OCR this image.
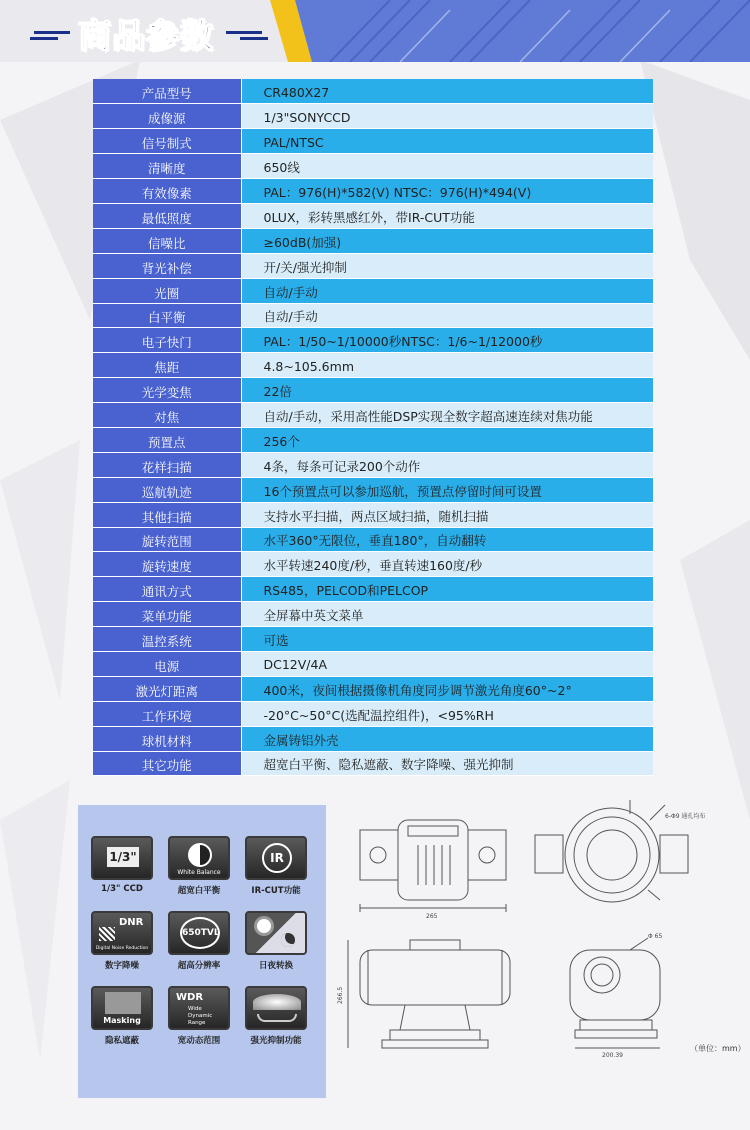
商品参数
产品型号	CR480X27
成像源	1/3"SONYCCD
信号制式	PAL/NTSC
清晰度	650线
有效像素	PAL：976(H)*582(V) NTSC：976(H)*494(V)
最低照度	0LUX，彩转黑感红外，带IR-CUT功能
信噪比	≥60dB(加强)
背光补偿	开/关/强光抑制
光圈	自动/手动
白平衡	自动/手动
电子快门	PAL：1/50~1/10000秒NTSC：1/6~1/12000秒
焦距	4.8~105.6mm
光学变焦	22倍
对焦	自动/手动，采用高性能DSP实现全数字超高速连续对焦功能
预置点	256个
花样扫描	4条，每条可记录200个动作
巡航轨迹	16个预置点可以参加巡航，预置点停留时间可设置
其他扫描	支持水平扫描，两点区域扫描，随机扫描
旋转范围	水平360°无限位，垂直180°，自动翻转
旋转速度	水平转速240度/秒，垂直转速160度/秒
通讯方式	RS485，PELCOD和PELCOP
菜单功能	全屏幕中英文菜单
温控系统	可选
电源	DC12V/4A
激光灯距离	400米，夜间根据摄像机角度同步调节激光角度60°~2°
工作环境	-20°C~50°C(选配温控组件)，<95%RH
球机材料	金属铸铝外壳
其它功能	超宽白平衡、隐私遮蔽、数字降噪、强光抑制
1/3"
1/3" CCD
White Balance
超宽白平衡
IR
IR-CUT功能
DNR
Digital Noise Reduction
数字降噪
650TVL
超高分辨率	日夜转换
Masking
隐私遮蔽
WDR
Wide Dynamic Range
宽动态范围	强光抑制功能
265
266.5
200.39
6-Φ9 通孔均布
Φ 65
（单位：mm）
